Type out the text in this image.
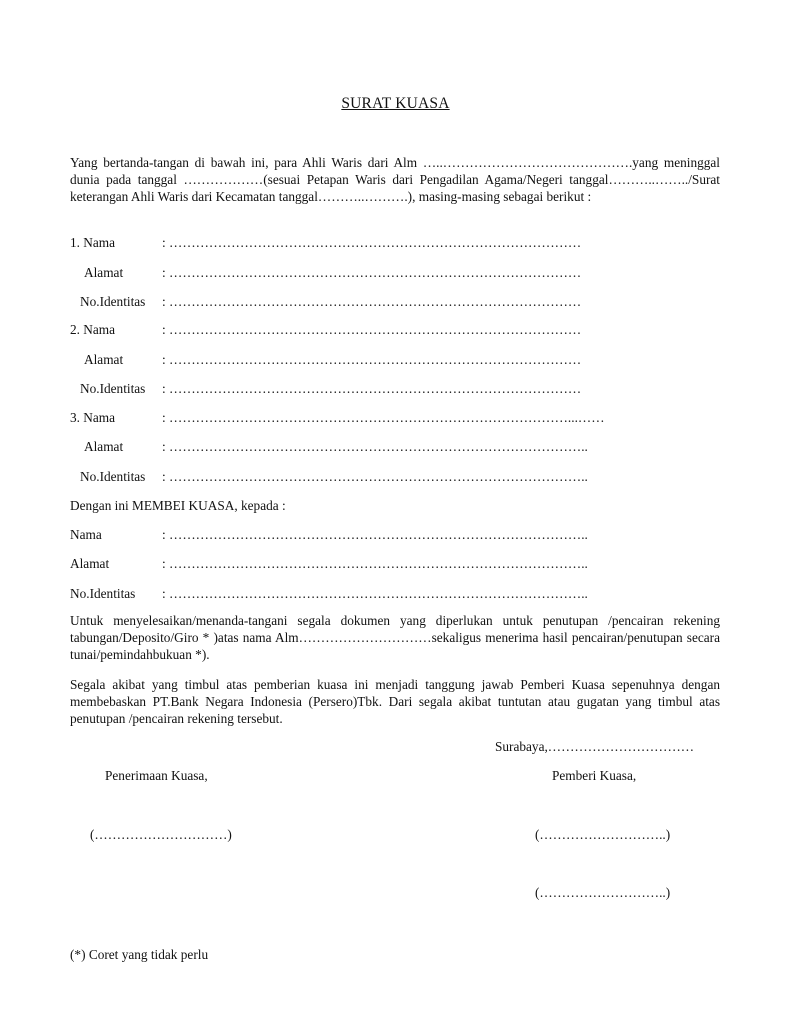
SURAT KUASA
Yang bertanda-tangan di bawah ini, para Ahli Waris dari Alm …..…………………………………….yang meninggal dunia pada tanggal ………………(sesuai Petapan Waris dari Pengadilan Agama/Negeri tanggal………..……../Surat keterangan Ahli Waris dari Kecamatan tanggal………..……….), masing-masing sebagai berikut :
1. Nama	: …………………………………………………………………………………
Alamat	: …………………………………………………………………………………
No.Identitas : …………………………………………………………………………………
2. Nama	: …………………………………………………………………………………
Alamat	: …………………………………………………………………………………
No.Identitas : …………………………………………………………………………………
3. Nama	: ………………………………………………………………………………...……
Alamat	: …………………………………………………………………………………..
No.Identitas : …………………………………………………………………………………..
Dengan ini MEMBEI KUASA, kepada :
Nama	: …………………………………………………………………………………..
Alamat	: …………………………………………………………………………………..
No.Identitas : …………………………………………………………………………………..
Untuk menyelesaikan/menanda-tangani segala dokumen yang diperlukan untuk penutupan /pencairan rekening tabungan/Deposito/Giro * )atas nama Alm…………………………sekaligus menerima hasil pencairan/penutupan secara tunai/pemindahbukuan *).
Segala akibat yang timbul atas pemberian kuasa ini menjadi tanggung jawab Pemberi Kuasa sepenuhnya dengan membebaskan PT.Bank Negara Indonesia (Persero)Tbk. Dari segala akibat tuntutan atau gugatan yang timbul atas penutupan /pencairan rekening tersebut.
Surabaya,……………………………
Penerimaan Kuasa,	Pemberi Kuasa,
(…………………………)	(………………………..)
(………………………..)
(*) Coret yang tidak perlu
